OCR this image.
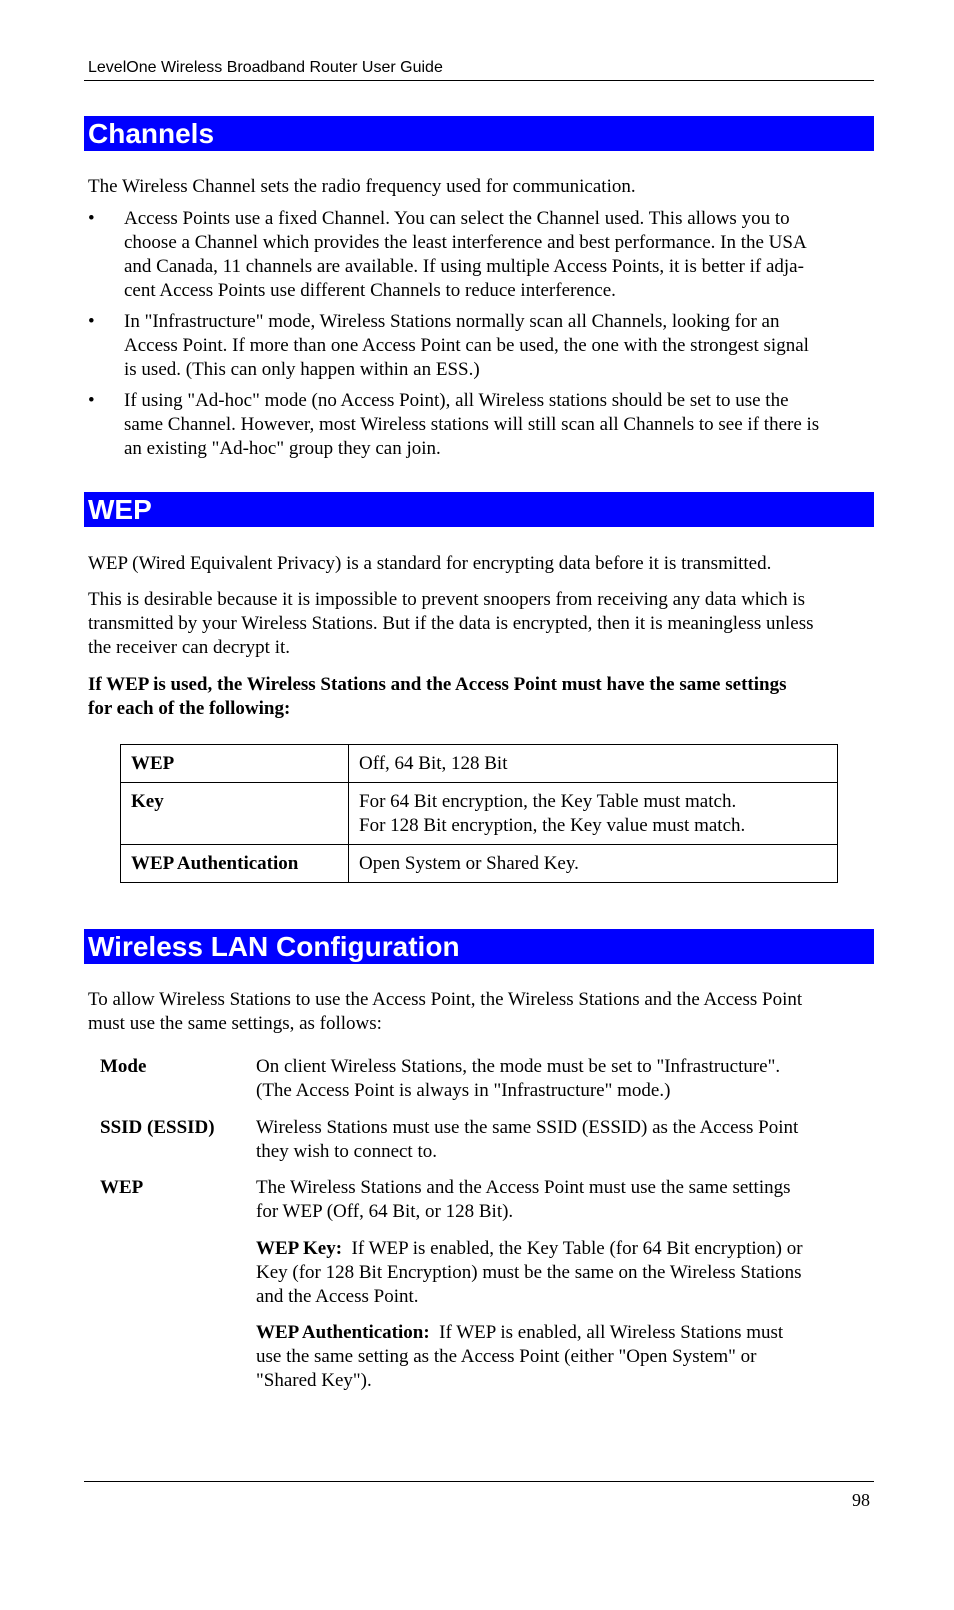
LevelOne Wireless Broadband Router User Guide
Channels

The Wireless Channel sets the radio frequency used for communication.

• Access Points use a fixed Channel. You can select the Channel used. This allows you to
choose a Channel which provides the least interference and best performance. In the USA
and Canada, 11 channels are available. If using multiple Access Points, it is better if adja-
cent Access Points use different Channels to reduce interference.
• In "Infrastructure" mode, Wireless Stations normally scan all Channels, looking for an
Access Point. If more than one Access Point can be used, the one with the strongest signal
is used. (This can only happen within an ESS.)
• If using "Ad-hoc" mode (no Access Point), all Wireless stations should be set to use the
same Channel. However, most Wireless stations will still scan all Channels to see if there is
an existing "Ad-hoc" group they can join.
WEP

WEP (Wired Equivalent Privacy) is a standard for encrypting data before it is transmitted.

This is desirable because it is impossible to prevent snoopers from receiving any data which is
transmitted by your Wireless Stations. But if the data is encrypted, then it is meaningless unless
the receiver can decrypt it.
If WEP is used, the Wireless Stations and the Access Point must have the same settings
for each of the following:
WEP	Off, 64 Bit, 128 Bit

Key	For 64 Bit encryption, the Key Table must match.
For 128 Bit encryption, the Key value must match.

WEP Authentication	Open System or Shared Key.
Wireless LAN Configuration
To allow Wireless Stations to use the Access Point, the Wireless Stations and the Access Point
must use the same settings, as follows:
Mode	On client Wireless Stations, the mode must be set to "Infrastructure".
(The Access Point is always in "Infrastructure" mode.)
SSID (ESSID)	Wireless Stations must use the same SSID (ESSID) as the Access Point
they wish to connect to.
WEP	The Wireless Stations and the Access Point must use the same settings
for WEP (Off, 64 Bit, or 128 Bit).
WEP Key: If WEP is enabled, the Key Table (for 64 Bit encryption) or
Key (for 128 Bit Encryption) must be the same on the Wireless Stations
and the Access Point.
WEP Authentication: If WEP is enabled, all Wireless Stations must
use the same setting as the Access Point (either "Open System" or
"Shared Key").
98
